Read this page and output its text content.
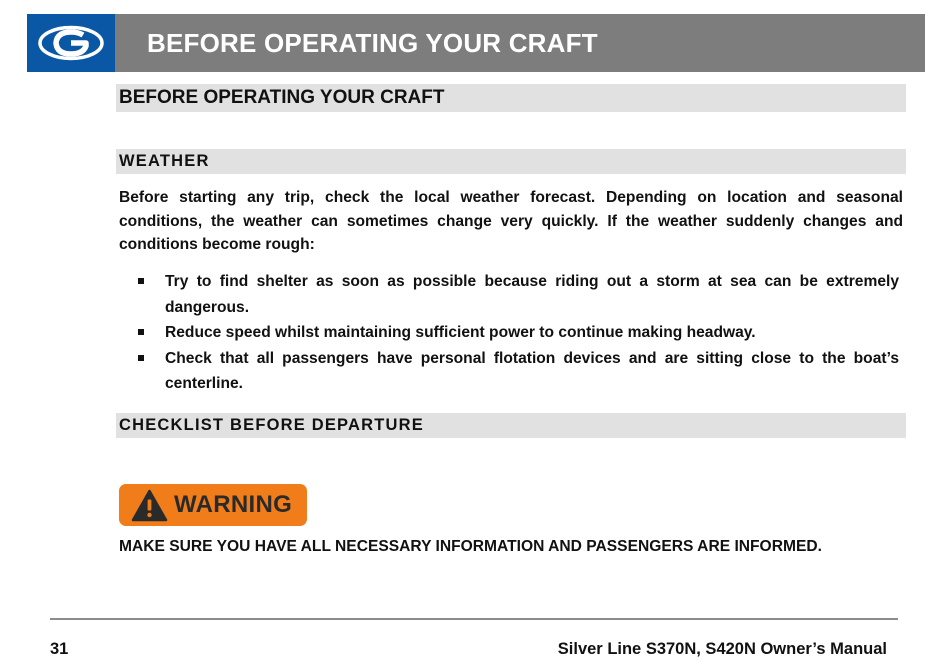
BEFORE OPERATING YOUR CRAFT
BEFORE OPERATING YOUR CRAFT
WEATHER

Before starting any trip, check the local weather forecast. Depending on location and seasonal conditions, the weather can sometimes change very quickly. If the weather suddenly changes and conditions become rough:

Try to find shelter as soon as possible because riding out a storm at sea can be extremely dangerous.
Reduce speed whilst maintaining sufficient power to continue making headway.
Check that all passengers have personal flotation devices and are sitting close to the boat’s centerline.
CHECKLIST BEFORE DEPARTURE
WARNING

MAKE SURE YOU HAVE ALL NECESSARY INFORMATION AND PASSENGERS ARE INFORMED.

31	Silver Line S370N, S420N Owner’s Manual
